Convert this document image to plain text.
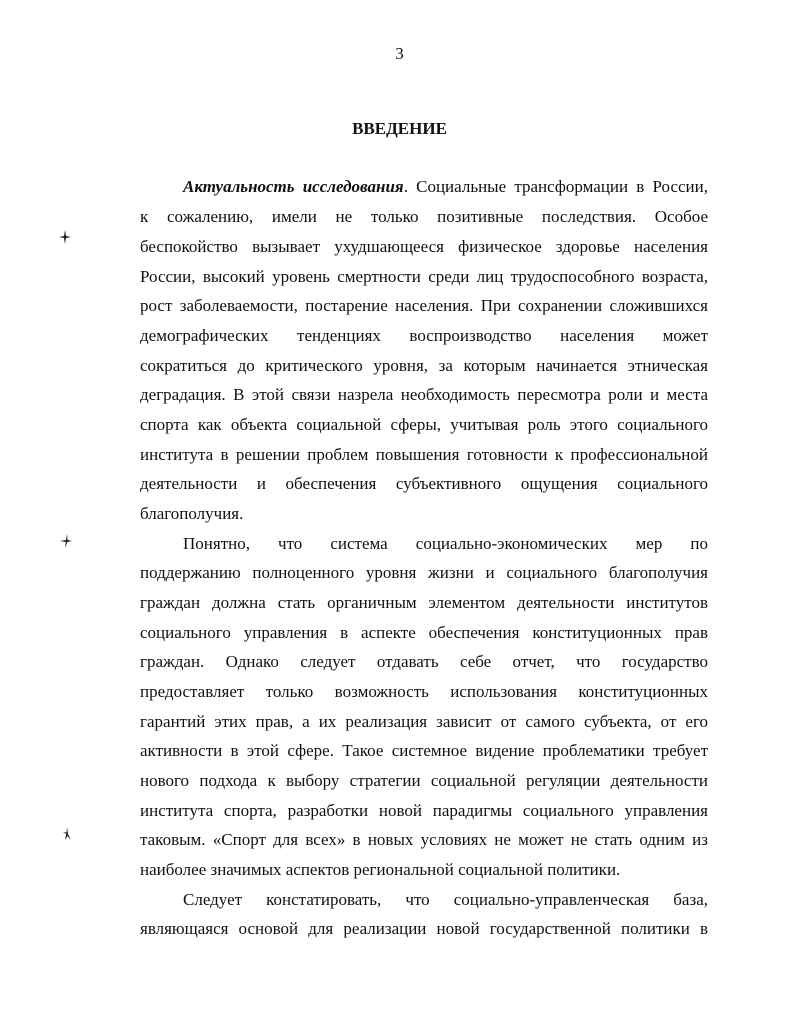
3
ВВЕДЕНИЕ
Актуальность исследования. Социальные трансформации в России,
к сожалению, имели не только позитивные последствия. Особое
беспокойство вызывает ухудшающееся физическое здоровье населения
России, высокий уровень смертности среди лиц трудоспособного возраста,
рост заболеваемости, постарение населения. При сохранении сложившихся
демографических тенденциях воспроизводство населения может
сократиться до критического уровня, за которым начинается этническая
деградация. В этой связи назрела необходимость пересмотра роли и места
спорта как объекта социальной сферы, учитывая роль этого социального
института в решении проблем повышения готовности к профессиональной
деятельности и обеспечения субъективного ощущения социального
благополучия.
Понятно, что система социально-экономических мер по
поддержанию полноценного уровня жизни и социального благополучия
граждан должна стать органичным элементом деятельности институтов
социального управления в аспекте обеспечения конституционных прав
граждан. Однако следует отдавать себе отчет, что государство
предоставляет только возможность использования конституционных
гарантий этих прав, а их реализация зависит от самого субъекта, от его
активности в этой сфере. Такое системное видение проблематики требует
нового подхода к выбору стратегии социальной регуляции деятельности
института спорта, разработки новой парадигмы социального управления
таковым. «Спорт для всех» в новых условиях не может не стать одним из
наиболее значимых аспектов региональной социальной политики.
Следует констатировать, что социально-управленческая база,
являющаяся основой для реализации новой государственной политики в
